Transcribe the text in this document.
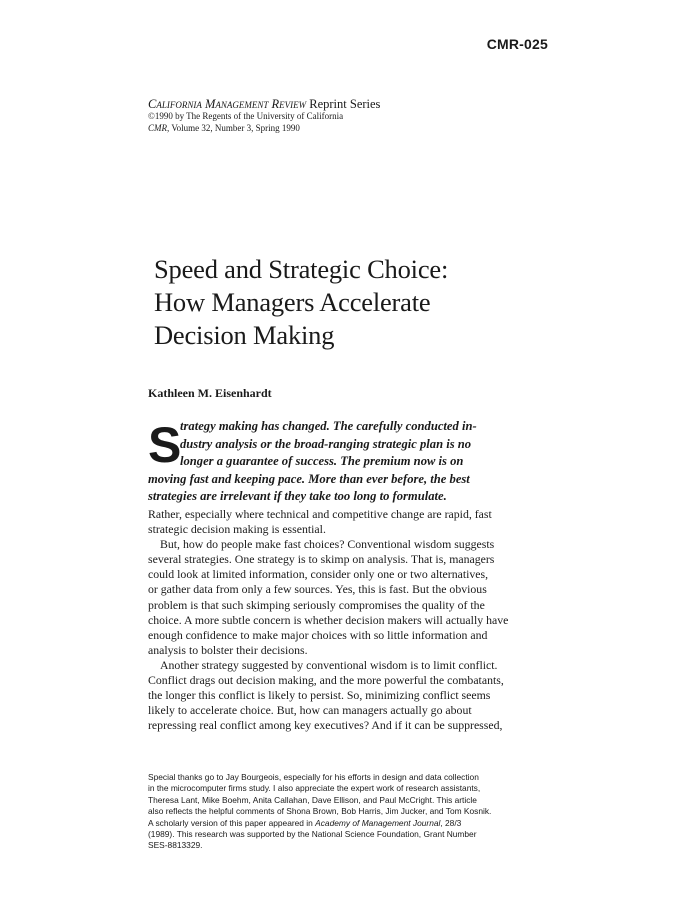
CMR-025
California Management Review Reprint Series
©1990 by The Regents of the University of California
CMR, Volume 32, Number 3, Spring 1990
Speed and Strategic Choice:
How Managers Accelerate
Decision Making
Kathleen M. Eisenhardt
S
trategy making has changed. The carefully conducted in-
dustry analysis or the broad-ranging strategic plan is no
longer a guarantee of success. The premium now is on
moving fast and keeping pace. More than ever before, the best
strategies are irrelevant if they take too long to formulate.
Rather, especially where technical and competitive change are rapid, fast
strategic decision making is essential.
But, how do people make fast choices? Conventional wisdom suggests
several strategies. One strategy is to skimp on analysis. That is, managers
could look at limited information, consider only one or two alternatives,
or gather data from only a few sources. Yes, this is fast. But the obvious
problem is that such skimping seriously compromises the quality of the
choice. A more subtle concern is whether decision makers will actually have
enough confidence to make major choices with so little information and
analysis to bolster their decisions.
Another strategy suggested by conventional wisdom is to limit conflict.
Conflict drags out decision making, and the more powerful the combatants,
the longer this conflict is likely to persist. So, minimizing conflict seems
likely to accelerate choice. But, how can managers actually go about
repressing real conflict among key executives? And if it can be suppressed,
Special thanks go to Jay Bourgeois, especially for his efforts in design and data collection
in the microcomputer firms study. I also appreciate the expert work of research assistants,
Theresa Lant, Mike Boehm, Anita Callahan, Dave Ellison, and Paul McCright. This article
also reflects the helpful comments of Shona Brown, Bob Harris, Jim Jucker, and Tom Kosnik.
A scholarly version of this paper appeared in Academy of Management Journal, 28/3
(1989). This research was supported by the National Science Foundation, Grant Number
SES-8813329.
